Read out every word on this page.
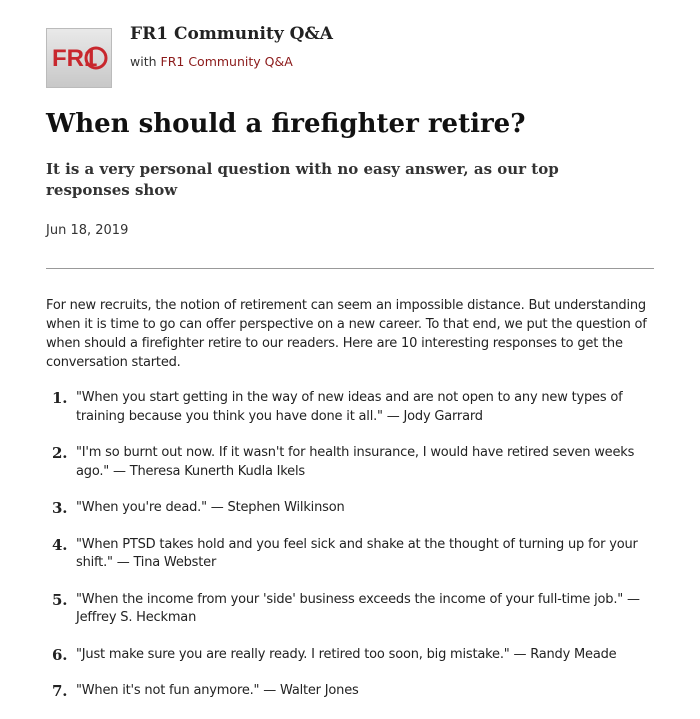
FR1
FR1 Community Q&A
with FR1 Community Q&A
When should a firefighter retire?

It is a very personal question with no easy answer, as our top responses show

Jun 18, 2019

For new recruits, the notion of retirement can seem an impossible distance. But understanding when it is time to go can offer perspective on a new career. To that end, we put the question of when should a firefighter retire to our readers. Here are 10 interesting responses to get the conversation started.

1. "When you start getting in the way of new ideas and are not open to any new types of training because you think you have done it all." — Jody Garrard
2. "I'm so burnt out now. If it wasn't for health insurance, I would have retired seven weeks ago." — Theresa Kunerth Kudla Ikels
3. "When you're dead." — Stephen Wilkinson
4. "When PTSD takes hold and you feel sick and shake at the thought of turning up for your shift." — Tina Webster
5. "When the income from your 'side' business exceeds the income of your full-time job." — Jeffrey S. Heckman
6. "Just make sure you are really ready. I retired too soon, big mistake." — Randy Meade
7. "When it's not fun anymore." — Walter Jones
